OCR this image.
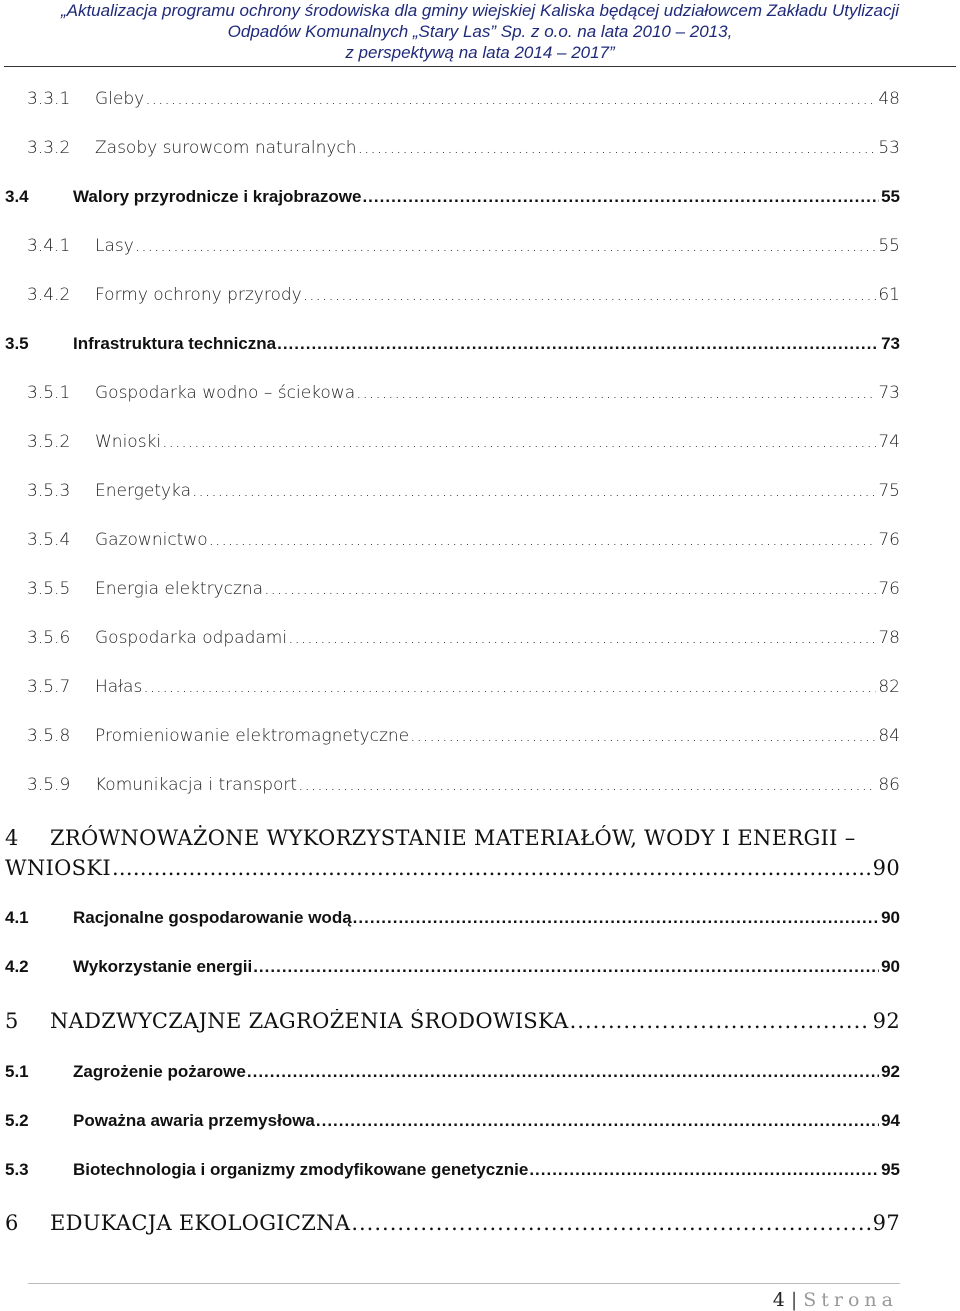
„Aktualizacja programu ochrony środowiska dla gminy wiejskiej Kaliska będącej udziałowcem Zakładu Utylizacji
Odpadów Komunalnych „Stary Las” Sp. z o.o. na lata 2010 – 2013,
z perspektywą na lata 2014 – 2017”
3.3.1	Gleby .....	48
3.3.2	Zasoby surowcom naturalnych .....	53
3.4	Walory przyrodnicze i krajobrazowe .....	55
3.4.1	Lasy .....	55
3.4.2	Formy ochrony przyrody .....	61
3.5	Infrastruktura techniczna .....	73
3.5.1	Gospodarka wodno – ściekowa .....	73
3.5.2	Wnioski .....	74
3.5.3	Energetyka .....	75
3.5.4	Gazownictwo .....	76
3.5.5	Energia elektryczna .....	76
3.5.6	Gospodarka odpadami .....	78
3.5.7	Hałas .....	82
3.5.8	Promieniowanie elektromagnetyczne .....	84
3.5.9	Komunikacja i transport .....	86
4 ZRÓWNOWAŻONE WYKORZYSTANIE MATERIAŁÓW, WODY I ENERGII –
WNIOSKI .....	90
4.1	Racjonalne gospodarowanie wodą .....	90
4.2	Wykorzystanie energii .....	90
5	NADZWYCZAJNE ZAGROŻENIA ŚRODOWISKA .....	92
5.1	Zagrożenie pożarowe .....	92
5.2	Poważna awaria przemysłowa .....	94
5.3	Biotechnologia i organizmy zmodyfikowane genetycznie .....	95
6	EDUKACJA EKOLOGICZNA .....	97
4 | Strona
